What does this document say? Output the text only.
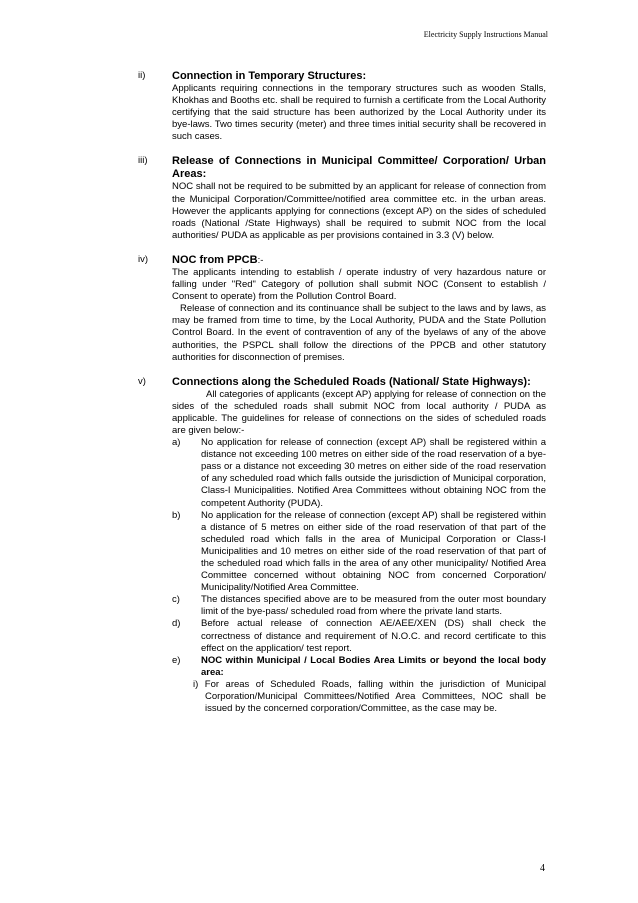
Electricity Supply Instructions Manual
ii) Connection in Temporary Structures:

Applicants requiring connections in the temporary structures such as wooden Stalls, Khokhas and Booths etc. shall be required to furnish a certificate from the Local Authority certifying that the said structure has been authorized by the Local Authority under its bye-laws. Two times security (meter) and three times initial security shall be recovered in such cases.

iii) Release of Connections in Municipal Committee/ Corporation/ Urban Areas:

NOC shall not be required to be submitted by an applicant for release of connection from the Municipal Corporation/Committee/notified area committee etc. in the urban areas. However the applicants applying for connections (except AP) on the sides of scheduled roads (National /State Highways) shall be required to submit NOC from the local authorities/ PUDA as applicable as per provisions contained in 3.3 (V) below.

iv) NOC from PPCB:-

The applicants intending to establish / operate industry of very hazardous nature or falling under "Red" Category of pollution shall submit NOC (Consent to establish / Consent to operate) from the Pollution Control Board.

Release of connection and its continuance shall be subject to the laws and by laws, as may be framed from time to time, by the Local Authority, PUDA and the State Pollution Control Board. In the event of contravention of any of the byelaws of any of the above authorities, the PSPCL shall follow the directions of the PPCB and other statutory authorities for disconnection of premises.

v) Connections along the Scheduled Roads (National/ State Highways):

All categories of applicants (except AP) applying for release of connection on the sides of the scheduled roads shall submit NOC from local authority / PUDA as applicable. The guidelines for release of connections on the sides of scheduled roads are given below:-

a) No application for release of connection (except AP) shall be registered within a distance not exceeding 100 metres on either side of the road reservation of a bye-pass or a distance not exceeding 30 metres on either side of the road reservation of any scheduled road which falls outside the jurisdiction of Municipal corporation, Class-I Municipalities. Notified Area Committees without obtaining NOC from the competent Authority (PUDA).

b) No application for the release of connection (except AP) shall be registered within a distance of 5 metres on either side of the road reservation of that part of the scheduled road which falls in the area of Municipal Corporation or Class-I Municipalities and 10 metres on either side of the road reservation of that part of the scheduled road which falls in the area of any other municipality/ Notified Area Committee concerned without obtaining NOC from concerned Corporation/ Municipality/Notified Area Committee.

c) The distances specified above are to be measured from the outer most boundary limit of the bye-pass/ scheduled road from where the private land starts.

d) Before actual release of connection AE/AEE/XEN (DS) shall check the correctness of distance and requirement of N.O.C. and record certificate to this effect on the application/ test report.

e) NOC within Municipal / Local Bodies Area Limits or beyond the local body area:

i) For areas of Scheduled Roads, falling within the jurisdiction of Municipal Corporation/Municipal Committees/Notified Area Committees, NOC shall be issued by the concerned corporation/Committee, as the case may be.

4
